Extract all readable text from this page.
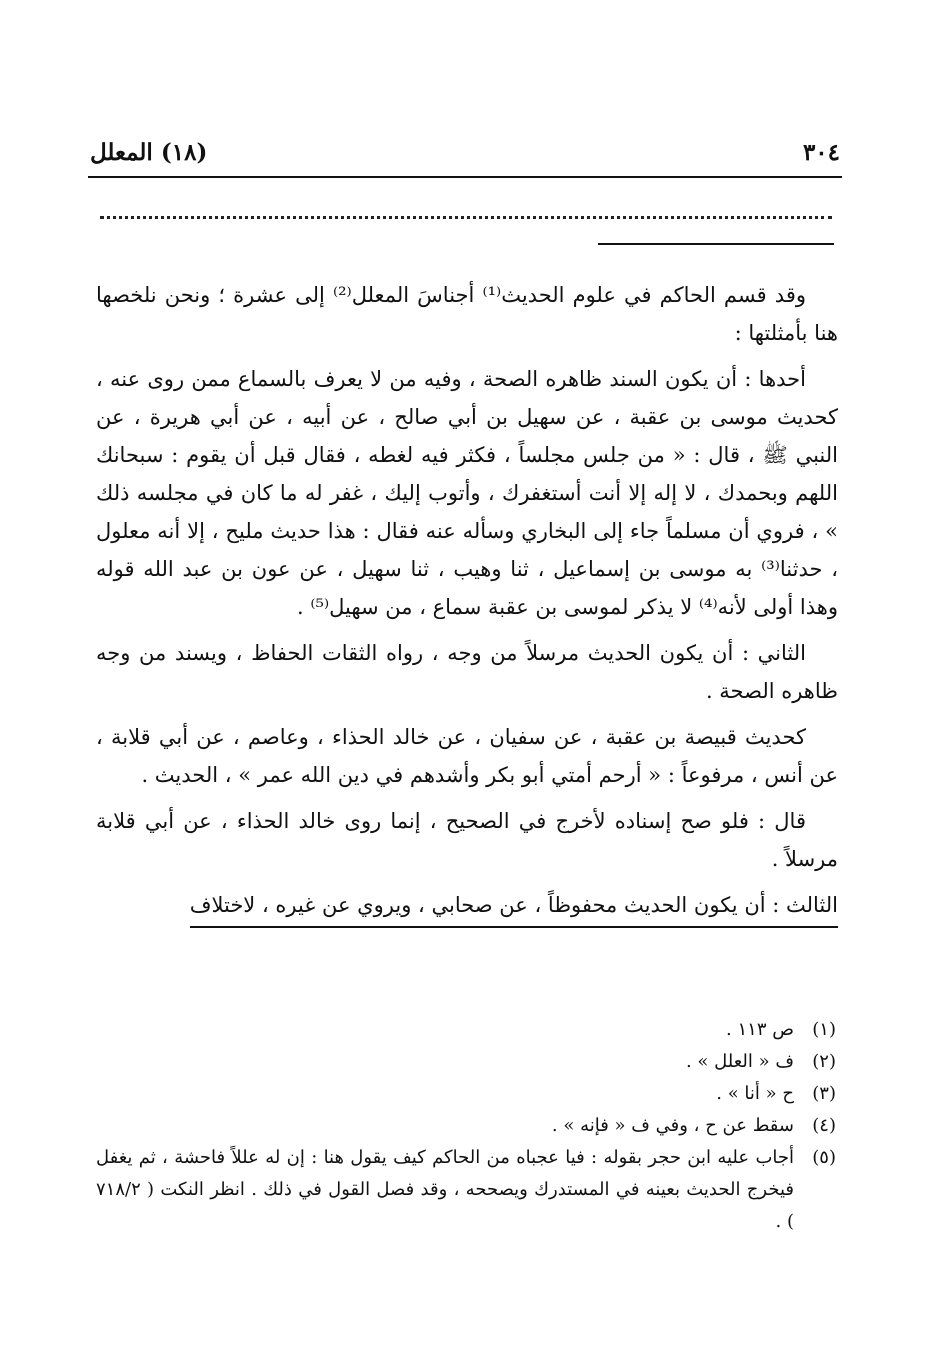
٣٠٤
(١٨) المعلل

وقد قسم الحاكم في علوم الحديث⁽¹⁾ أجناسَ المعلل⁽²⁾ إلى عشرة ؛ ونحن نلخصها هنا بأمثلتها :

أحدها : أن يكون السند ظاهره الصحة ، وفيه من لا يعرف بالسماع ممن روى عنه ، كحديث موسى بن عقبة ، عن سهيل بن أبي صالح ، عن أبيه ، عن أبي هريرة ، عن النبي ﷺ ، قال : « من جلس مجلساً ، فكثر فيه لغطه ، فقال قبل أن يقوم : سبحانك اللهم وبحمدك ، لا إله إلا أنت أستغفرك ، وأتوب إليك ، غفر له ما كان في مجلسه ذلك » ، فروي أن مسلماً جاء إلى البخاري وسأله عنه فقال : هذا حديث مليح ، إلا أنه معلول ، حدثنا⁽³⁾ به موسى بن إسماعيل ، ثنا وهيب ، ثنا سهيل ، عن عون بن عبد الله قوله وهذا أولى لأنه⁽⁴⁾ لا يذكر لموسى بن عقبة سماع ، من سهيل⁽⁵⁾ .

الثاني : أن يكون الحديث مرسلاً من وجه ، رواه الثقات الحفاظ ، ويسند من وجه ظاهره الصحة .

كحديث قبيصة بن عقبة ، عن سفيان ، عن خالد الحذاء ، وعاصم ، عن أبي قلابة ، عن أنس ، مرفوعاً : « أرحم أمتي أبو بكر وأشدهم في دين الله عمر » ، الحديث .

قال : فلو صح إسناده لأخرج في الصحيح ، إنما روى خالد الحذاء ، عن أبي قلابة مرسلاً .

الثالث : أن يكون الحديث محفوظاً ، عن صحابي ، ويروي عن غيره ، لاختلاف

(١)
ص ١١٣ .
(٢)
ف « العلل » .
(٣)
ح « أنا » .
(٤)
سقط عن ح ، وفي ف « فإنه » .
(٥)
أجاب عليه ابن حجر بقوله : فيا عجباه من الحاكم كيف يقول هنا : إن له عللاً فاحشة ، ثم يغفل فيخرج الحديث بعينه في المستدرك ويصححه ، وقد فصل القول في ذلك . انظر النكت ( ٧١٨/٢ ) .
